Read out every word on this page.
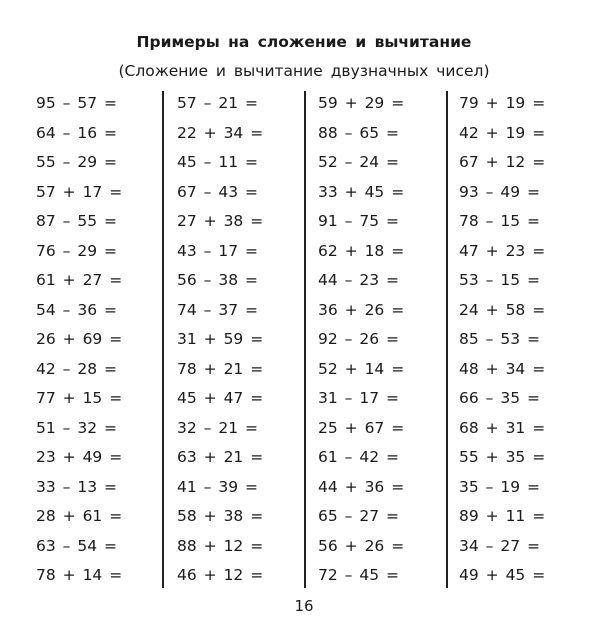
Примеры на сложение и вычитание
(Сложение и вычитание двузначных чисел)
95 – 57 =
64 – 16 =
55 – 29 =
57 + 17 =
87 – 55 =
76 – 29 =
61 + 27 =
54 – 36 =
26 + 69 =
42 – 28 =
77 + 15 =
51 – 32 =
23 + 49 =
33 – 13 =
28 + 61 =
63 – 54 =
78 + 14 =
57 – 21 =
22 + 34 =
45 – 11 =
67 – 43 =
27 + 38 =
43 – 17 =
56 – 38 =
74 – 37 =
31 + 59 =
78 + 21 =
45 + 47 =
32 – 21 =
63 + 21 =
41 – 39 =
58 + 38 =
88 + 12 =
46 + 12 =
59 + 29 =
88 – 65 =
52 – 24 =
33 + 45 =
91 – 75 =
62 + 18 =
44 – 23 =
36 + 26 =
92 – 26 =
52 + 14 =
31 – 17 =
25 + 67 =
61 – 42 =
44 + 36 =
65 – 27 =
56 + 26 =
72 – 45 =
79 + 19 =
42 + 19 =
67 + 12 =
93 – 49 =
78 – 15 =
47 + 23 =
53 – 15 =
24 + 58 =
85 – 53 =
48 + 34 =
66 – 35 =
68 + 31 =
55 + 35 =
35 – 19 =
89 + 11 =
34 – 27 =
49 + 45 =
16
